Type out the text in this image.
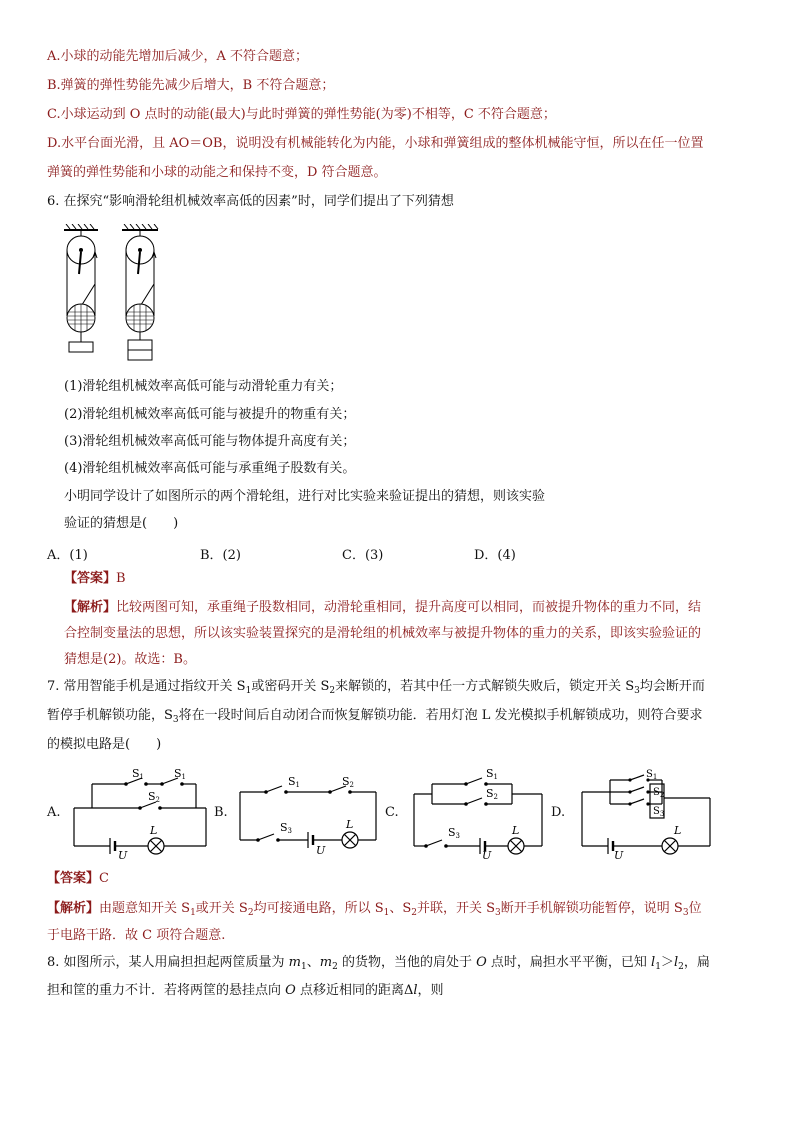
A.小球的动能先增加后减少，A 不符合题意；
B.弹簧的弹性势能先减少后增大，B 不符合题意；
C.小球运动到 O 点时的动能(最大)与此时弹簧的弹性势能(为零)不相等，C 不符合题意；
D.水平台面光滑，且 AO＝OB，说明没有机械能转化为内能，小球和弹簧组成的整体机械能守恒，所以在任一位置
弹簧的弹性势能和小球的动能之和保持不变，D 符合题意。
6. 在探究“影响滑轮组机械效率高低的因素”时，同学们提出了下列猜想
(1)滑轮组机械效率高低可能与动滑轮重力有关；
(2)滑轮组机械效率高低可能与被提升的物重有关；
(3)滑轮组机械效率高低可能与物体提升高度有关；
(4)滑轮组机械效率高低可能与承重绳子股数有关。
小明同学设计了如图所示的两个滑轮组，进行对比实验来验证提出的猜想，则该实验
验证的猜想是(　　)
A．(1)	B．(2)	C．(3)	D．(4)
【答案】B
【解析】比较两图可知，承重绳子股数相同，动滑轮重相同，提升高度可以相同，而被提升物体的重力不同，结
合控制变量法的思想，所以该实验装置探究的是滑轮组的机械效率与被提升物体的重力的关系，即该实验验证的
猜想是(2)。故选：B。
7. 常用智能手机是通过指纹开关 $S_1$或密码开关 $S_2$来解锁的，若其中任一方式解锁失败后，锁定开关 $S_3$均会断开而
暂停手机解锁功能，$S_3$将在一段时间后自动闭合而恢复解锁功能．若用灯泡 L 发光模拟手机解锁成功，则符合要求
的模拟电路是(　　)
A.	B.	C.	D.
S1	S1
S2
L
U
S1	S2
S3	L
U
S1
S2
S3	L
U
$S_1$
$S_2$
$S_3$
L
U
【答案】C
【解析】由题意知开关 $S_1$或开关 $S_2$均可接通电路，所以 $S_1$、$S_2$并联，开关 $S_3$断开手机解锁功能暂停，说明 $S_3$位
于电路干路．故 C 项符合题意.
8. 如图所示，某人用扁担担起两筐质量为 $m_1$、$m_2$ 的货物，当他的肩处于 O 点时，扁担水平平衡，已知 $l_1>l_2$，扁
担和筐的重力不计．若将两筐的悬挂点向 O 点移近相同的距离Δl，则
